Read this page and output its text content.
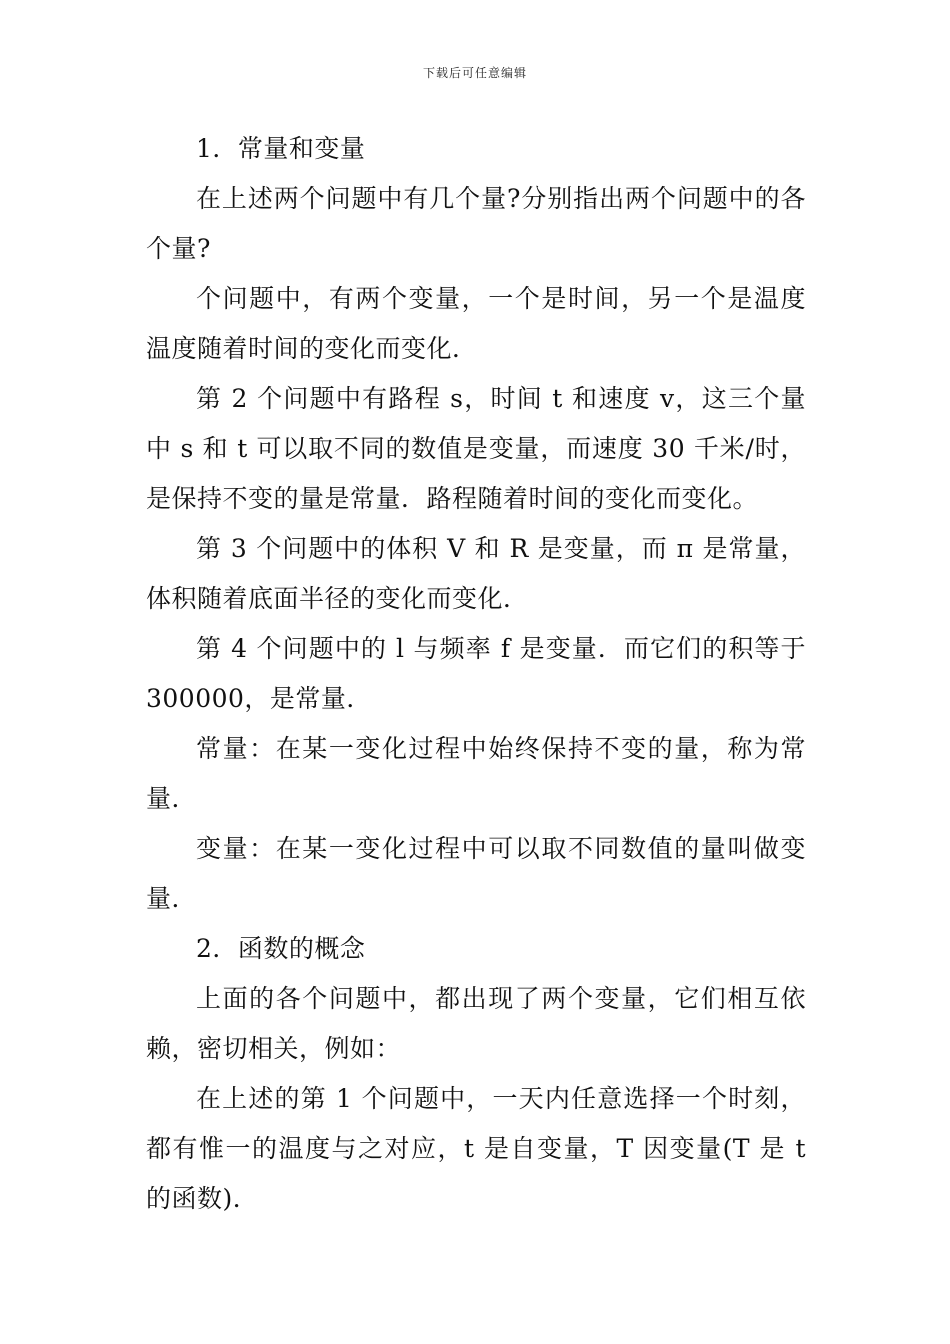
下载后可任意编辑

1．常量和变量

在上述两个问题中有几个量?分别指出两个问题中的各个量?

个问题中，有两个变量，一个是时间，另一个是温度温度随着时间的变化而变化．

第 2 个问题中有路程 s，时间 t 和速度 v，这三个量中 s 和 t 可以取不同的数值是变量，而速度 30 千米/时，是保持不变的量是常量．路程随着时间的变化而变化。

第 3 个问题中的体积 V 和 R 是变量，而 π 是常量，体积随着底面半径的变化而变化．

第 4 个问题中的 l 与频率 f 是变量．而它们的积等于 300000，是常量．

常量：在某一变化过程中始终保持不变的量，称为常量．

变量：在某一变化过程中可以取不同数值的量叫做变量．

2．函数的概念

上面的各个问题中，都出现了两个变量，它们相互依赖，密切相关，例如：

在上述的第 1 个问题中，一天内任意选择一个时刻，都有惟一的温度与之对应，t 是自变量，T 因变量(T 是 t 的函数)．
